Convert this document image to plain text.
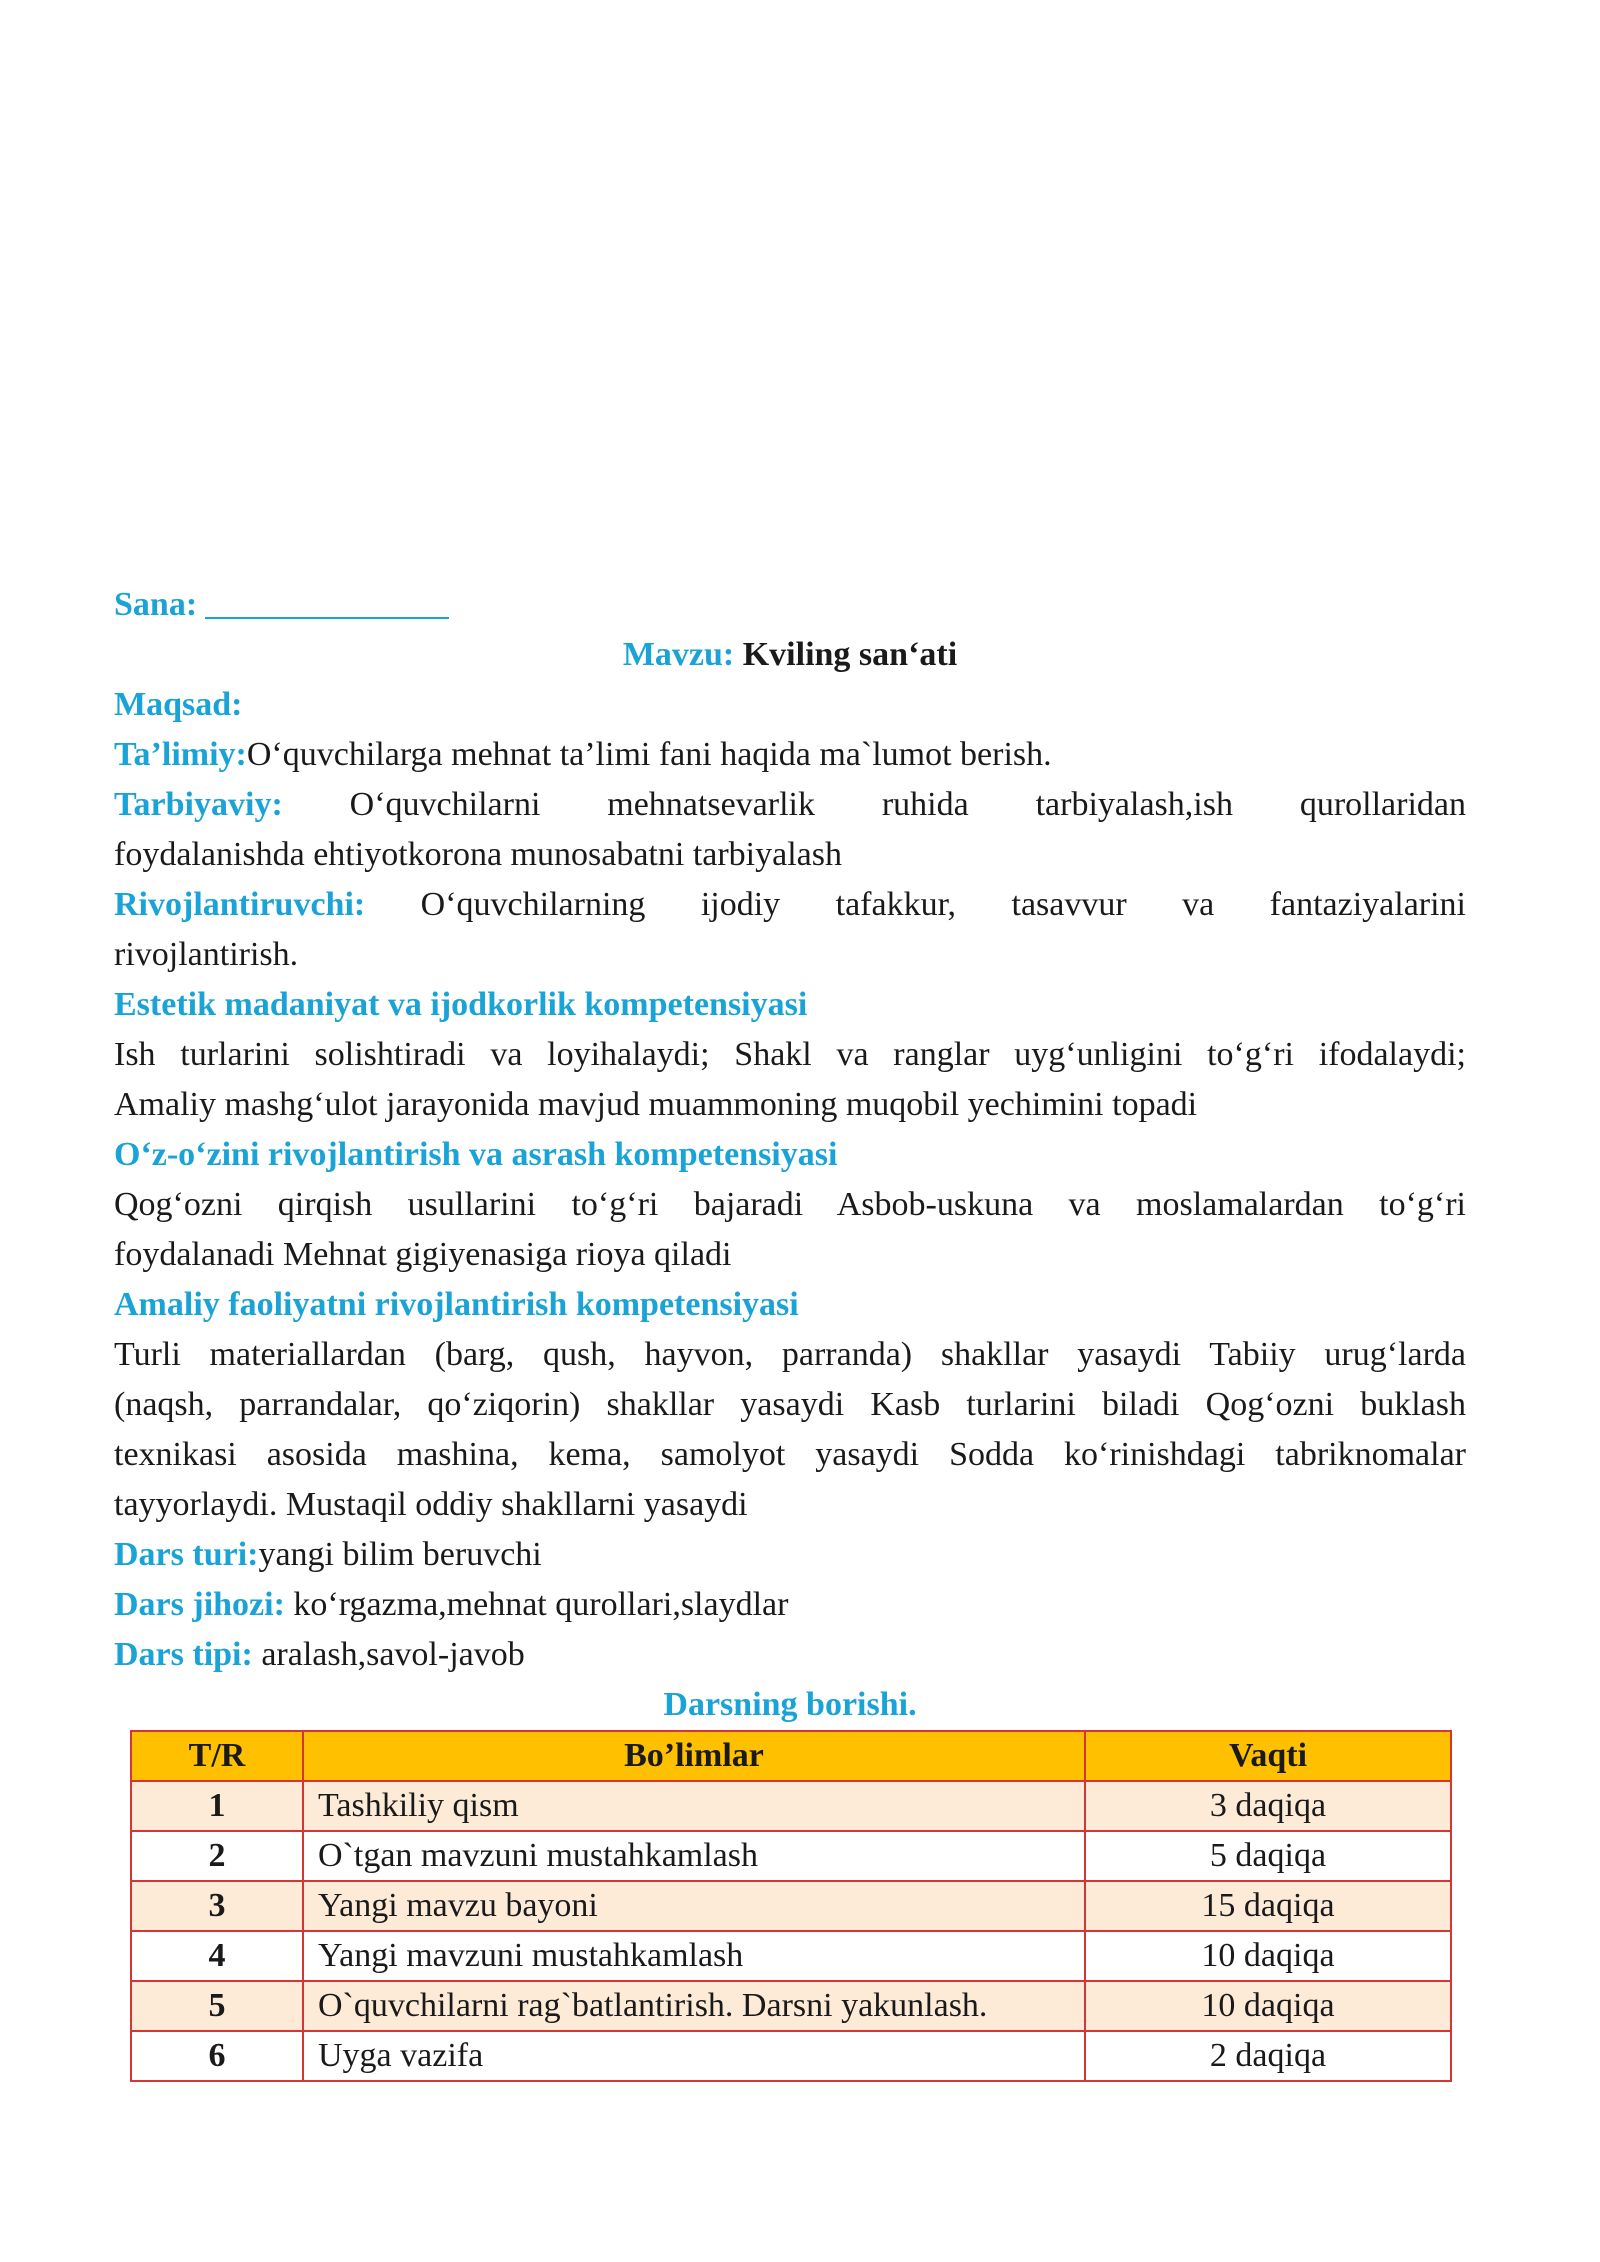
Sana:
Mavzu: Kviling san‘ati
Maqsad:
Ta’limiy:O‘quvchilarga mehnat ta’limi fani haqida ma`lumot berish.
Tarbiyaviy: O‘quvchilarni mehnatsevarlik ruhida tarbiyalash,ish qurollaridan
foydalanishda ehtiyotkorona munosabatni tarbiyalash
Rivojlantiruvchi: O‘quvchilarning ijodiy tafakkur, tasavvur va fantaziyalarini
rivojlantirish.
Estetik madaniyat va ijodkorlik kompetensiyasi
Ish turlarini solishtiradi va loyihalaydi; Shakl va ranglar uyg‘unligini to‘g‘ri ifodalaydi;
Amaliy mashg‘ulot jarayonida mavjud muammoning muqobil yechimini topadi
O‘z-o‘zini rivojlantirish va asrash kompetensiyasi
Qog‘ozni qirqish usullarini to‘g‘ri bajaradi Asbob-uskuna va moslamalardan to‘g‘ri
foydalanadi Mehnat gigiyenasiga rioya qiladi
Amaliy faoliyatni rivojlantirish kompetensiyasi
Turli materiallardan (barg, qush, hayvon, parranda) shakllar yasaydi Tabiiy urug‘larda
(naqsh, parrandalar, qo‘ziqorin) shakllar yasaydi Kasb turlarini biladi Qog‘ozni buklash
texnikasi asosida mashina, kema, samolyot yasaydi Sodda ko‘rinishdagi tabriknomalar
tayyorlaydi. Mustaqil oddiy shakllarni yasaydi
Dars turi:yangi bilim beruvchi
Dars jihozi: ko‘rgazma,mehnat qurollari,slaydlar
Dars tipi: aralash,savol-javob
Darsning borishi.
T/R	Bo’limlar	Vaqti
1	Tashkiliy qism	3 daqiqa
2	O`tgan mavzuni mustahkamlash	5 daqiqa
3	Yangi mavzu bayoni	15 daqiqa
4	Yangi mavzuni mustahkamlash	10 daqiqa
5	O`quvchilarni rag`batlantirish. Darsni yakunlash.	10 daqiqa
6	Uyga vazifa	2 daqiqa
